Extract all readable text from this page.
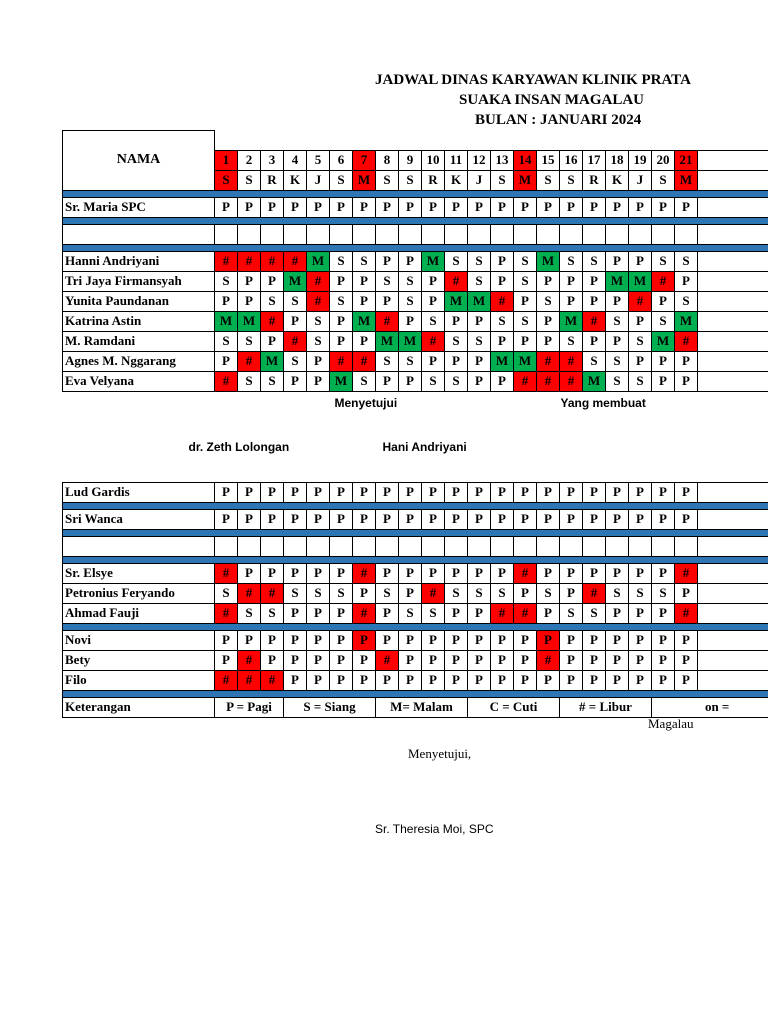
JADWAL DINAS KARYAWAN KLINIK PRATA
SUAKA INSAN MAGALAU
BULAN : JANUARI 2024
NAMA																						
	1	2	3	4	5	6	7	8	9	10	11	12	13	14	15	16	17	18	19	20	21	
	S	S	R	K	J	S	M	S	S	R	K	J	S	M	S	S	R	K	J	S	M	

Sr. Maria SPC	P	P	P	P	P	P	P	P	P	P	P	P	P	P	P	P	P	P	P	P	P	

Hanni Andriyani	#	#	#	#	M	S	S	P	P	M	S	S	P	S	M	S	S	P	P	S	S	
Tri Jaya Firmansyah	S	P	P	M	#	P	P	S	S	P	#	S	P	S	P	P	P	M	M	#	P	
Yunita Paundanan	P	P	S	S	#	S	P	P	S	P	M	M	#	P	S	P	P	P	#	P	S	
Katrina Astin	M	M	#	P	S	P	M	#	P	S	P	P	S	S	P	M	#	S	P	S	M	
M. Ramdani	S	S	P	#	S	P	P	M	M	#	S	S	P	P	P	S	P	P	S	M	#	
Agnes M. Nggarang	P	#	M	S	P	#	#	S	S	P	P	P	M	M	#	#	S	S	P	P	P	
Eva Velyana	#	S	S	P	P	M	S	P	P	S	S	P	P	#	#	#	M	S	S	P	P	

Menyetujui Yang membuat
dr. Zeth Lolongan Hani Andriyani																						

Lud Gardis	P	P	P	P	P	P	P	P	P	P	P	P	P	P	P	P	P	P	P	P	P	

Sri Wanca	P	P	P	P	P	P	P	P	P	P	P	P	P	P	P	P	P	P	P	P	P	

Sr. Elsye	#	P	P	P	P	P	#	P	P	P	P	P	P	#	P	P	P	P	P	P	#	
Petronius Feryando	S	#	#	S	S	S	P	S	P	#	S	S	S	P	S	P	#	S	S	S	P	
Ahmad Fauji	#	S	S	P	P	P	#	P	S	S	P	P	#	#	P	S	S	P	P	P	#	

Novi	P	P	P	P	P	P	P	P	P	P	P	P	P	P	P	P	P	P	P	P	P	
Bety	P	#	P	P	P	P	P	#	P	P	P	P	P	P	#	P	P	P	P	P	P	
Filo	#	#	#	P	P	P	P	P	P	P	P	P	P	P	P	P	P	P	P	P	P	

Keterangan	P = Pagi			S = Siang				M= Malam				C = Cuti				# = Libur				on =		
Magalau
Menyetujui,
Sr. Theresia Moi, SPC
